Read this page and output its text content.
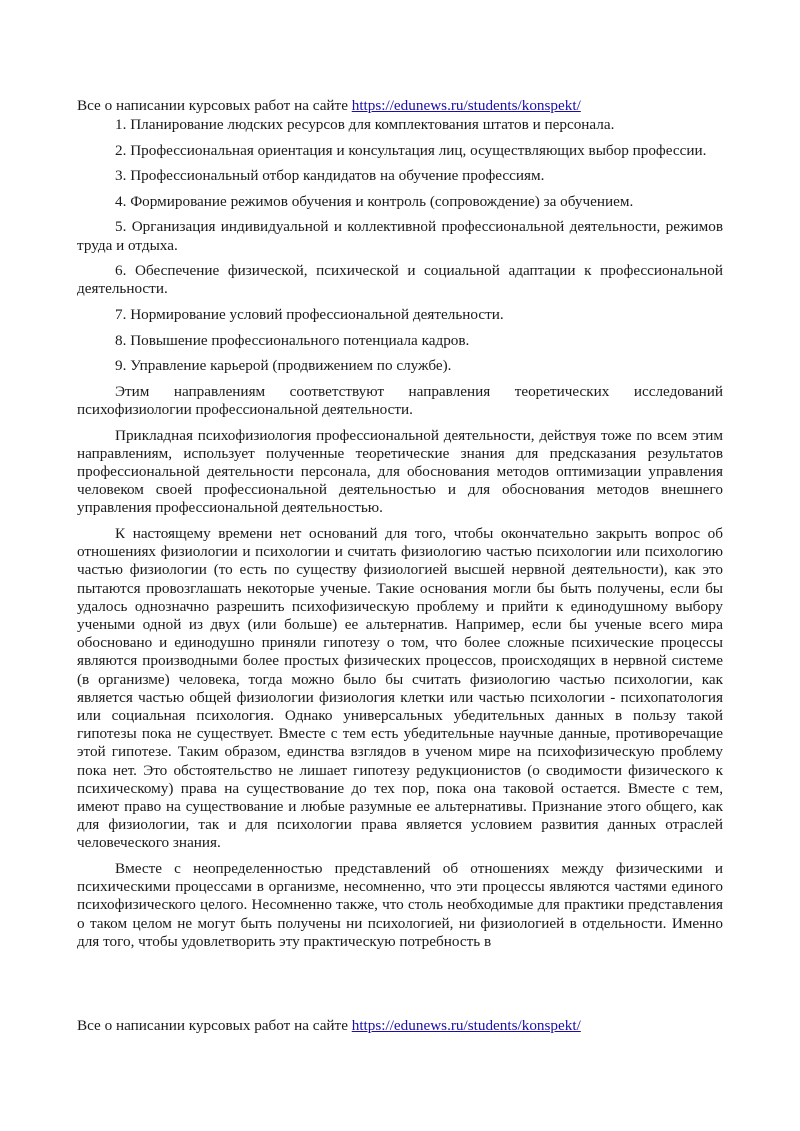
Все о написании курсовых работ на сайте https://edunews.ru/students/konspekt/

1. Планирование людских ресурсов для комплектования штатов и персонала.

2. Профессиональная ориентация и консультация лиц, осуществляющих выбор профессии.

3. Профессиональный отбор кандидатов на обучение профессиям.

4. Формирование режимов обучения и контроль (сопровождение) за обучением.

5. Организация индивидуальной и коллективной профессиональной деятельности, режимов труда и отдыха.

6. Обеспечение физической, психической и социальной адаптации к профессиональной деятельности.

7. Нормирование условий профессиональной деятельности.

8. Повышение профессионального потенциала кадров.

9. Управление карьерой (продвижением по службе).

Этим направлениям соответствуют направления теоретических исследований психофизиологии профессиональной деятельности.

Прикладная психофизиология профессиональной деятельности, действуя тоже по всем этим направлениям, использует полученные теоретические знания для предсказания результатов профессиональной деятельности персонала, для обоснования методов оптимизации управления человеком своей профессиональной деятельностью и для обоснования методов внешнего управления профессиональной деятельностью.

К настоящему времени нет оснований для того, чтобы окончательно закрыть вопрос об отношениях физиологии и психологии и считать физиологию частью психологии или психологию частью физиологии (то есть по существу физиологией высшей нервной деятельности), как это пытаются провозглашать некоторые ученые. Такие основания могли бы быть получены, если бы удалось однозначно разрешить психофизическую проблему и прийти к единодушному выбору учеными одной из двух (или больше) ее альтернатив. Например, если бы ученые всего мира обосновано и единодушно приняли гипотезу о том, что более сложные психические процессы являются производными более простых физических процессов, происходящих в нервной системе (в организме) человека, тогда можно было бы считать физиологию частью психологии, как является частью общей физиологии физиология клетки или частью психологии - психопатология или социальная психология. Однако универсальных убедительных данных в пользу такой гипотезы пока не существует. Вместе с тем есть убедительные научные данные, противоречащие этой гипотезе. Таким образом, единства взглядов в ученом мире на психофизическую проблему пока нет. Это обстоятельство не лишает гипотезу редукционистов (о сводимости физического к психическому) права на существование до тех пор, пока она таковой остается. Вместе с тем, имеют право на существование и любые разумные ее альтернативы. Признание этого общего, как для физиологии, так и для психологии права является условием развития данных отраслей человеческого знания.

Вместе с неопределенностью представлений об отношениях между физическими и психическими процессами в организме, несомненно, что эти процессы являются частями единого психофизического целого. Несомненно также, что столь необходимые для практики представления о таком целом не могут быть получены ни психологией, ни физиологией в отдельности. Именно для того, чтобы удовлетворить эту практическую потребность в

Все о написании курсовых работ на сайте https://edunews.ru/students/konspekt/
